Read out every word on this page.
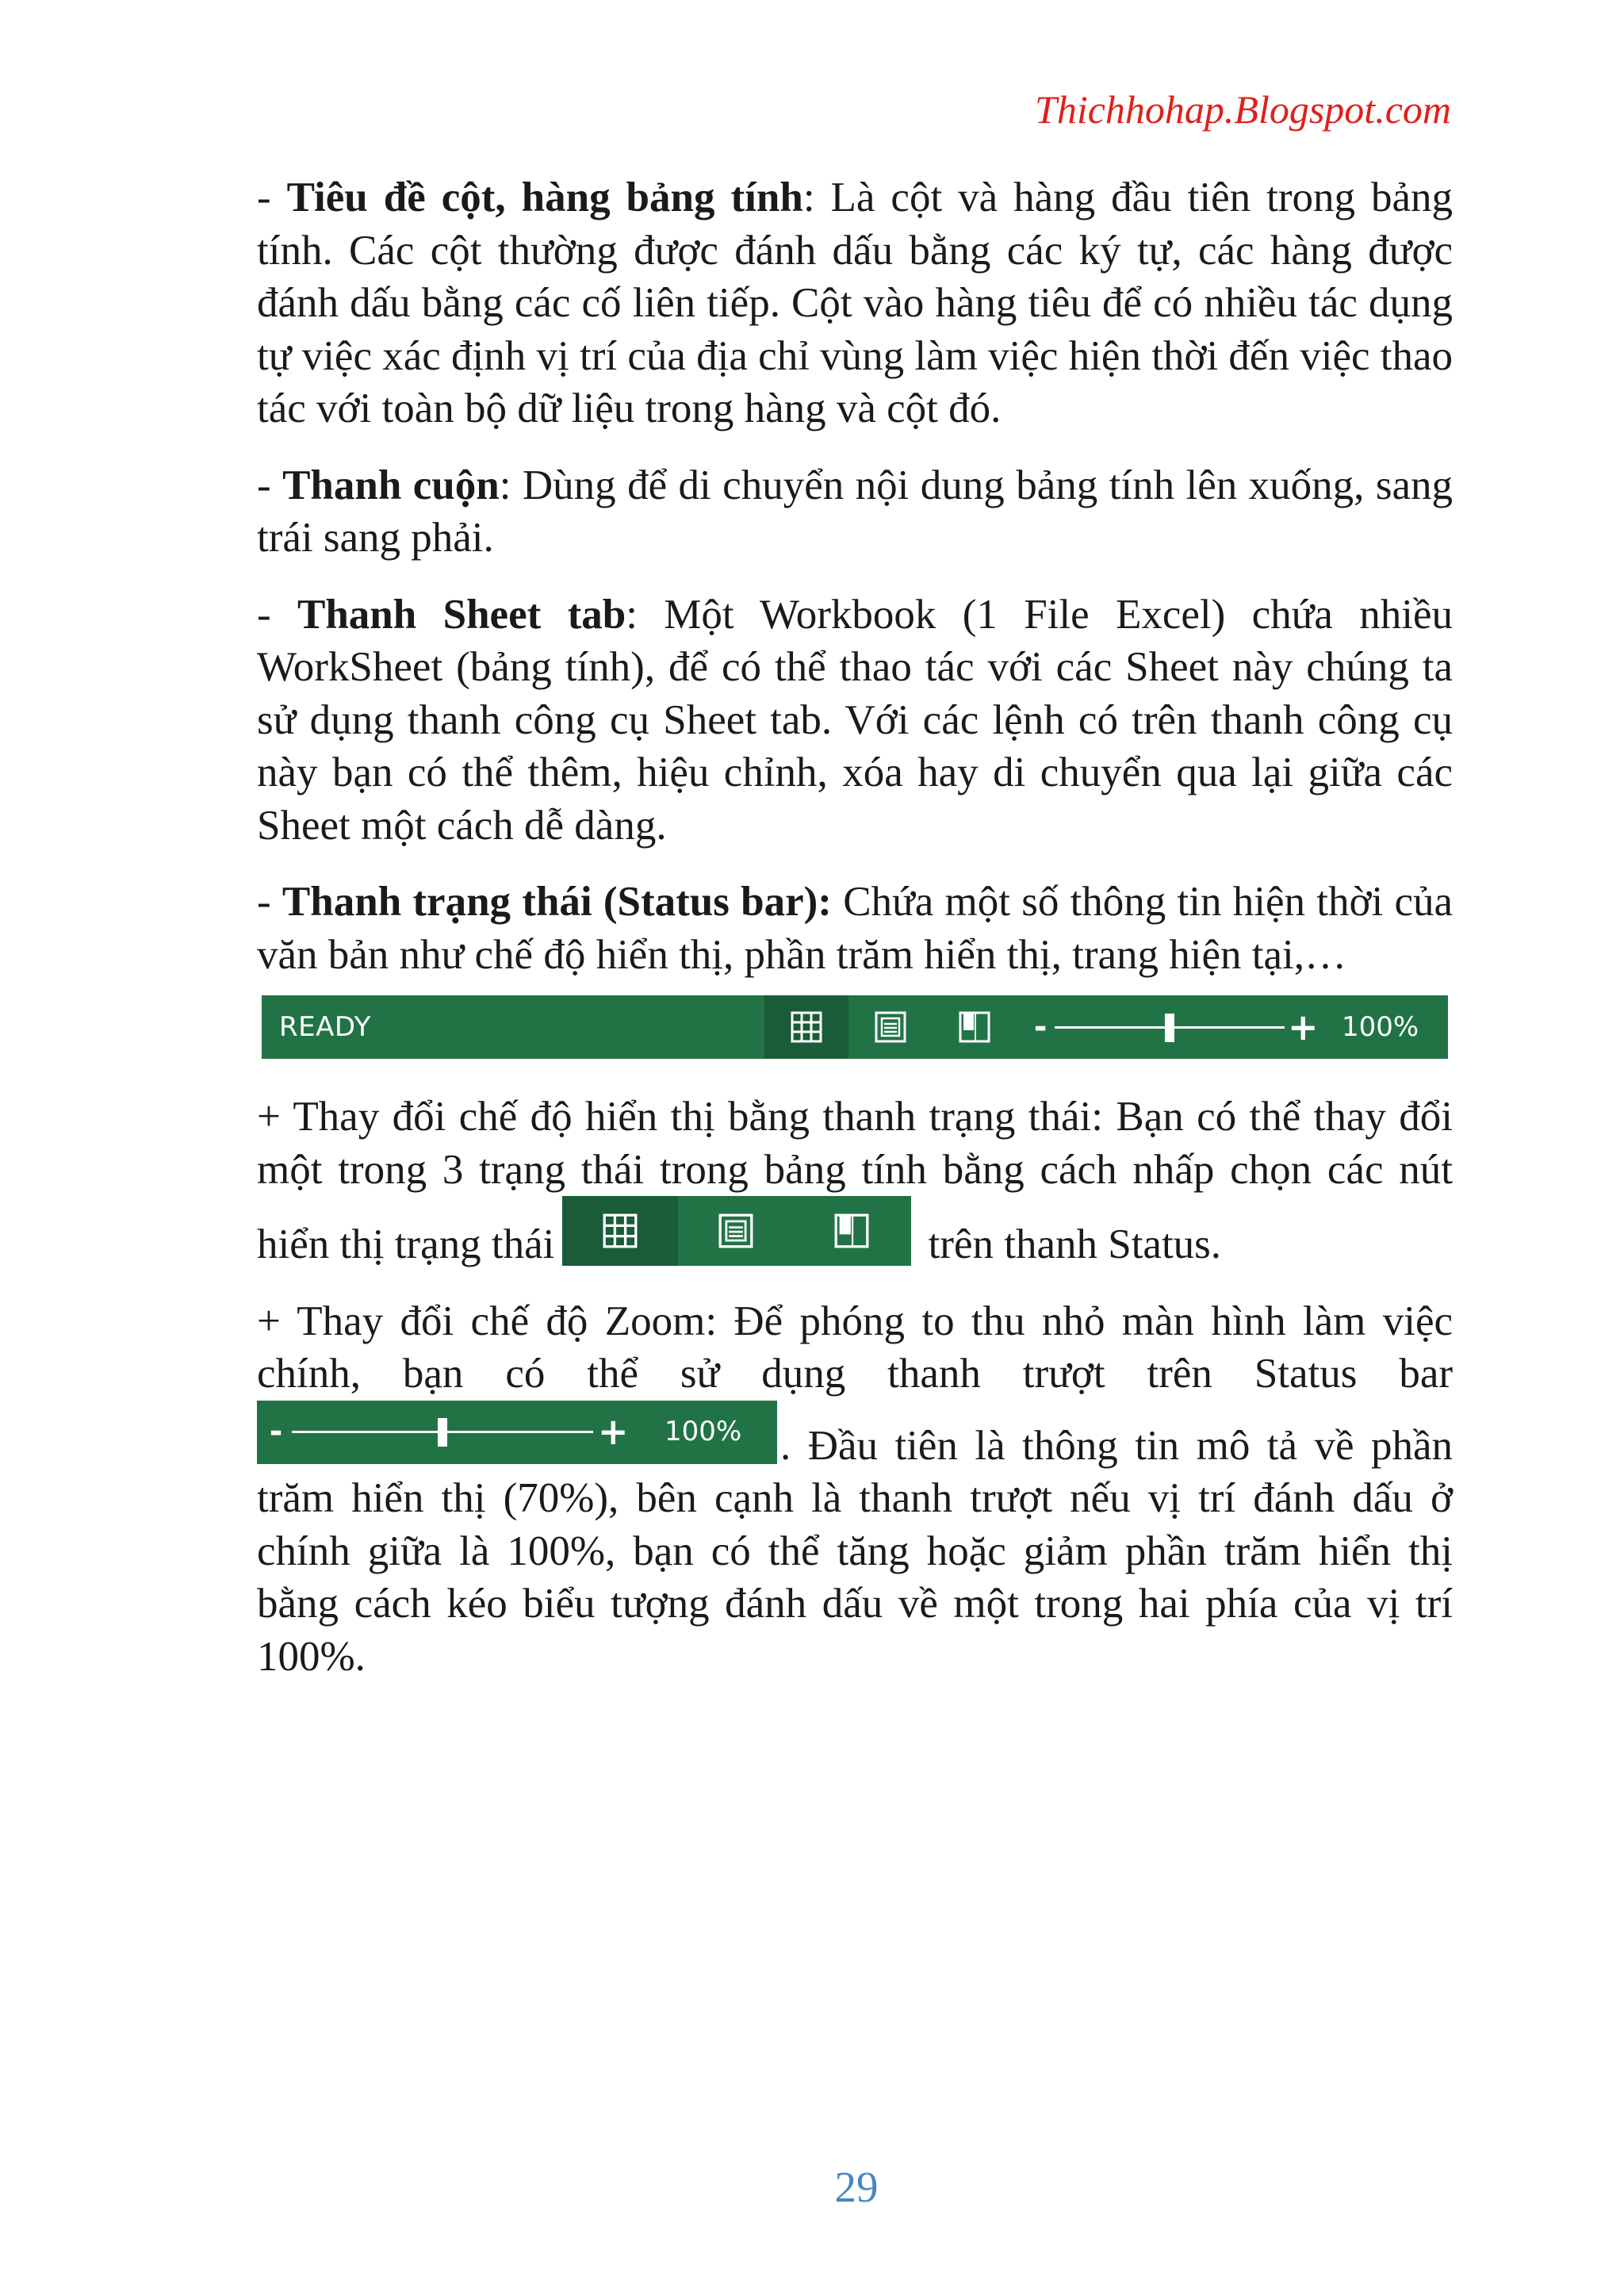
Thichhohap.Blogspot.com

- Tiêu đề cột, hàng bảng tính: Là cột và hàng đầu tiên trong bảng tính. Các cột thường được đánh dấu bằng các ký tự, các hàng được đánh dấu bằng các cố liên tiếp. Cột vào hàng tiêu để có nhiều tác dụng tự việc xác định vị trí của địa chỉ vùng làm việc hiện thời đến việc thao tác với toàn bộ dữ liệu trong hàng và cột đó.

- Thanh cuộn: Dùng để di chuyển nội dung bảng tính lên xuống, sang trái sang phải.

- Thanh Sheet tab: Một Workbook (1 File Excel) chứa nhiều WorkSheet (bảng tính), để có thể thao tác với các Sheet này chúng ta sử dụng thanh công cụ Sheet tab. Với các lệnh có trên thanh công cụ này bạn có thể thêm, hiệu chỉnh, xóa hay di chuyển qua lại giữa các Sheet một cách dễ dàng.

- Thanh trạng thái (Status bar): Chứa một số thông tin hiện thời của văn bản như chế độ hiển thị, phần trăm hiển thị, trang hiện tại,…

READY	-	+ 100%

+ Thay đổi chế độ hiển thị bằng thanh trạng thái: Bạn có thể thay đổi một trong 3 trạng thái trong bảng tính bằng cách nhấp chọn các nút hiển thị trạng thái	trên thanh Status.

+ Thay đổi chế độ Zoom: Để phóng to thu nhỏ màn hình làm việc chính, bạn có thể sử dụng thanh trượt trên Status bar
-	+ 100% . Đầu tiên là thông tin mô tả về phần trăm hiển thị (70%), bên cạnh là thanh trượt nếu vị trí đánh dấu ở chính giữa là 100%, bạn có thể tăng hoặc giảm phần trăm hiển thị bằng cách kéo biểu tượng đánh dấu về một trong hai phía của vị trí 100%.

29
